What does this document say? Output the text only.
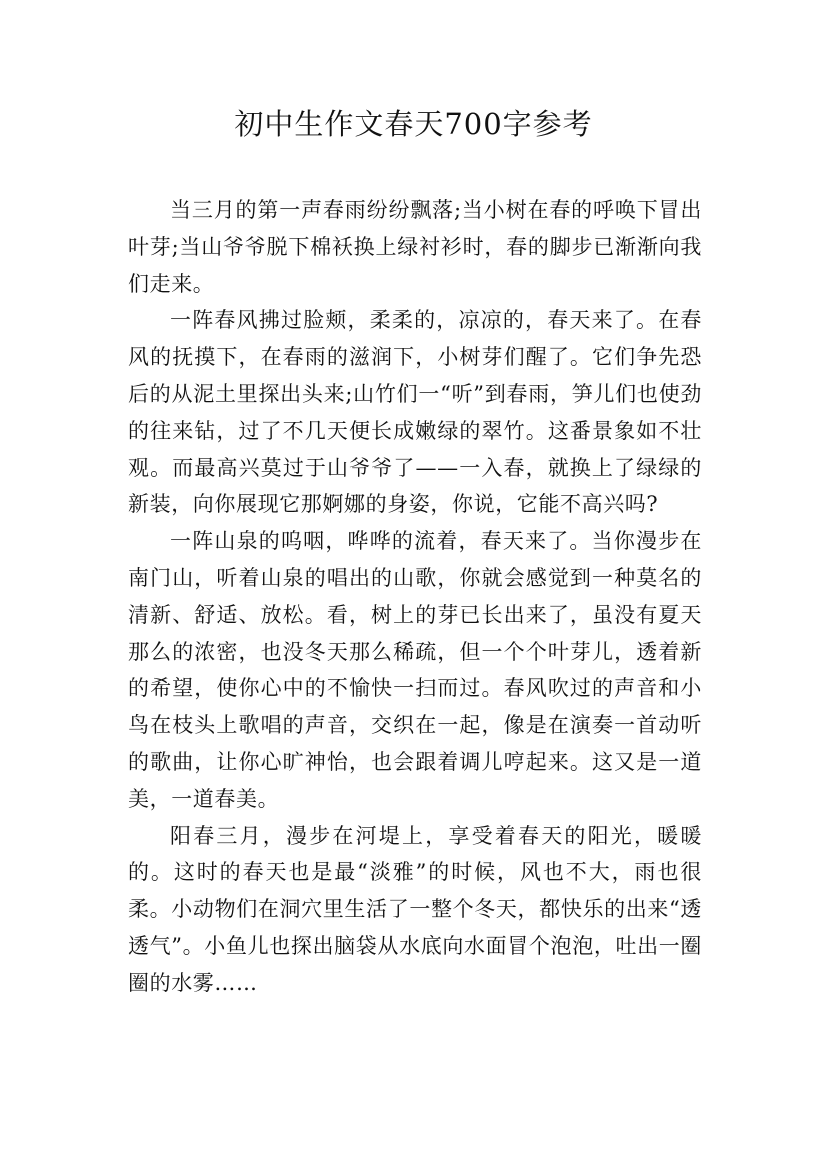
初中生作文春天700字参考

当三月的第一声春雨纷纷飘落;当小树在春的呼唤下冒出叶芽;当山爷爷脱下棉袄换上绿衬衫时，春的脚步已渐渐向我们走来。

一阵春风拂过脸颊，柔柔的，凉凉的，春天来了。在春风的抚摸下，在春雨的滋润下，小树芽们醒了。它们争先恐后的从泥土里探出头来;山竹们一“听”到春雨，笋儿们也使劲的往来钻，过了不几天便长成嫩绿的翠竹。这番景象如不壮观。而最高兴莫过于山爷爷了——一入春，就换上了绿绿的新装，向你展现它那婀娜的身姿，你说，它能不高兴吗?

一阵山泉的呜咽，哗哗的流着，春天来了。当你漫步在南门山，听着山泉的唱出的山歌，你就会感觉到一种莫名的清新、舒适、放松。看，树上的芽已长出来了，虽没有夏天那么的浓密，也没冬天那么稀疏，但一个个叶芽儿，透着新的希望，使你心中的不愉快一扫而过。春风吹过的声音和小鸟在枝头上歌唱的声音，交织在一起，像是在演奏一首动听的歌曲，让你心旷神怡，也会跟着调儿哼起来。这又是一道美，一道春美。

阳春三月，漫步在河堤上，享受着春天的阳光，暖暖的。这时的春天也是最“淡雅”的时候，风也不大，雨也很柔。小动物们在洞穴里生活了一整个冬天，都快乐的出来“透透气”。小鱼儿也探出脑袋从水底向水面冒个泡泡，吐出一圈圈的水雾……
